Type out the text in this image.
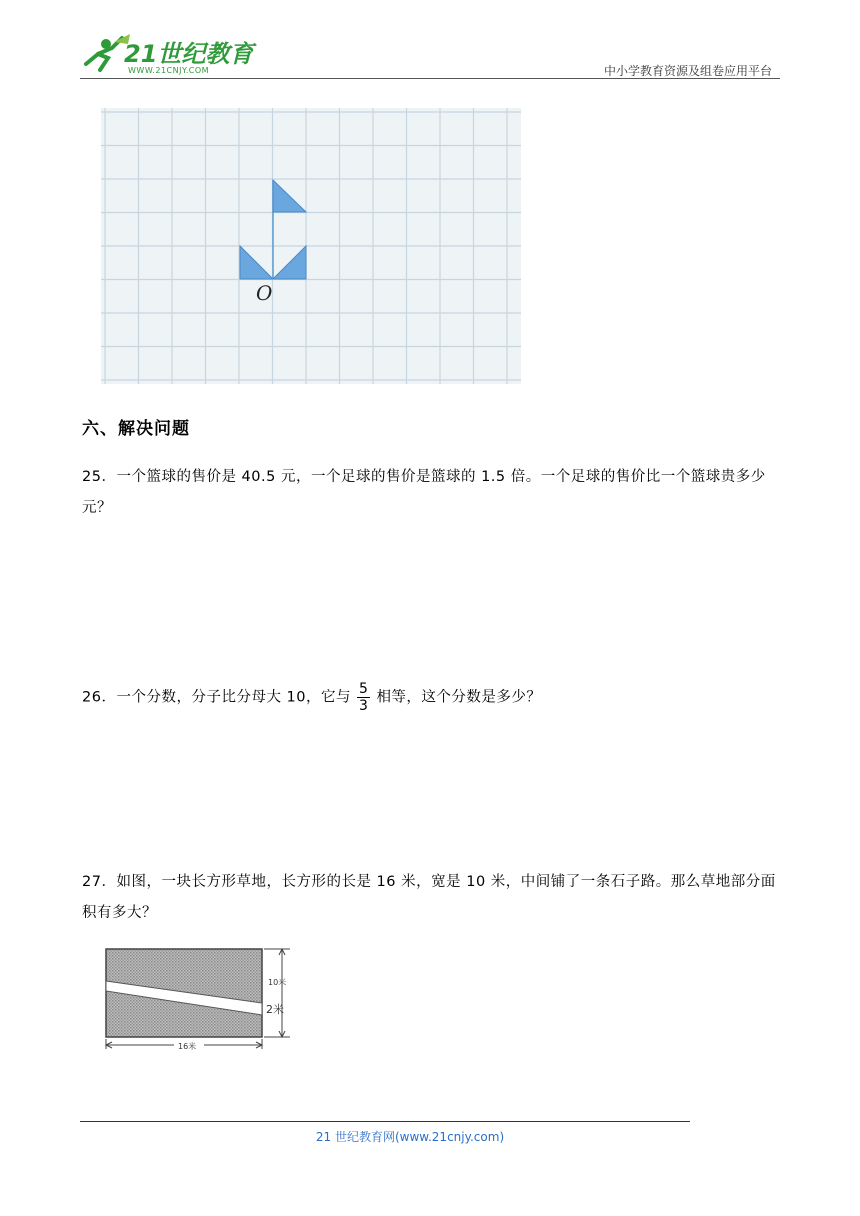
21世纪教育
WWW.21CNJY.COM	中小学教育资源及组卷应用平台
O
六、解决问题
25．一个篮球的售价是 40.5 元，一个足球的售价是篮球的 1.5 倍。一个足球的售价比一个篮球贵多少元？
26．一个分数，分子比分母大 10，它与 $\frac{5}{3}$ 相等，这个分数是多少？
27．如图，一块长方形草地，长方形的长是 16 米，宽是 10 米，中间铺了一条石子路。那么草地部分面积有多大？
10米
2米
16米
21 世纪教育网(www.21cnjy.com)
